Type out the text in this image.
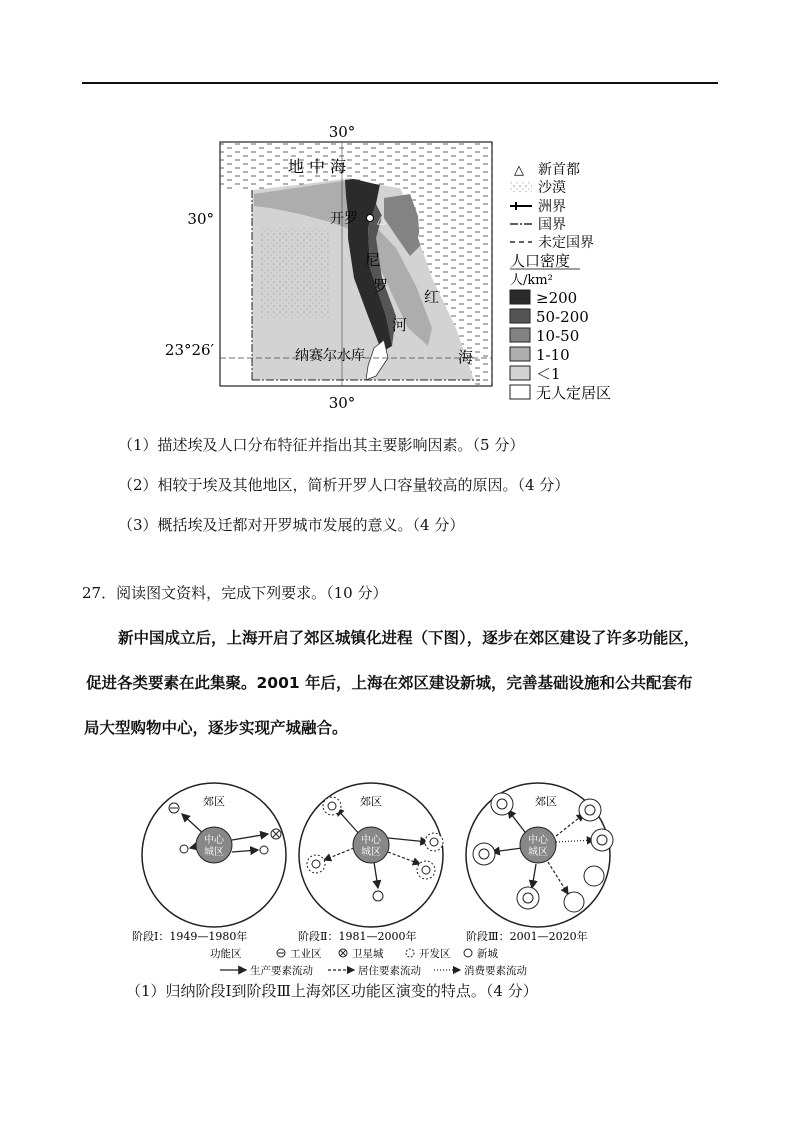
30°
30°
30°
23°26′
地 中 海
△
开罗
尼
罗
河
红
海
纳赛尔水库
△ 新首都
沙漠
洲界
国界
未定国界
人口密度
人/km²
≥200
50-200
10-50
1-10
＜1
无人定居区
（1）描述埃及人口分布特征并指出其主要影响因素。（5 分）
（2）相较于埃及其他地区，简析开罗人口容量较高的原因。（4 分）
（3）概括埃及迁都对开罗城市发展的意义。（4 分）
27．阅读图文资料，完成下列要求。（10 分）
新中国成立后，上海开启了郊区城镇化进程（下图），逐步在郊区建设了许多功能区，
促进各类要素在此集聚。2001 年后，上海在郊区建设新城，完善基础设施和公共配套布
局大型购物中心，逐步实现产城融合。
郊区
中心
城区
阶段Ⅰ：1949—1980年
郊区
中心
城区
阶段Ⅱ：1981—2000年
郊区
中心
城区
阶段Ⅲ：2001—2020年
功能区	工业区	卫星城	开发区	新城
生产要素流动	居住要素流动	消费要素流动
（1）归纳阶段Ⅰ到阶段Ⅲ上海郊区功能区演变的特点。（4 分）
